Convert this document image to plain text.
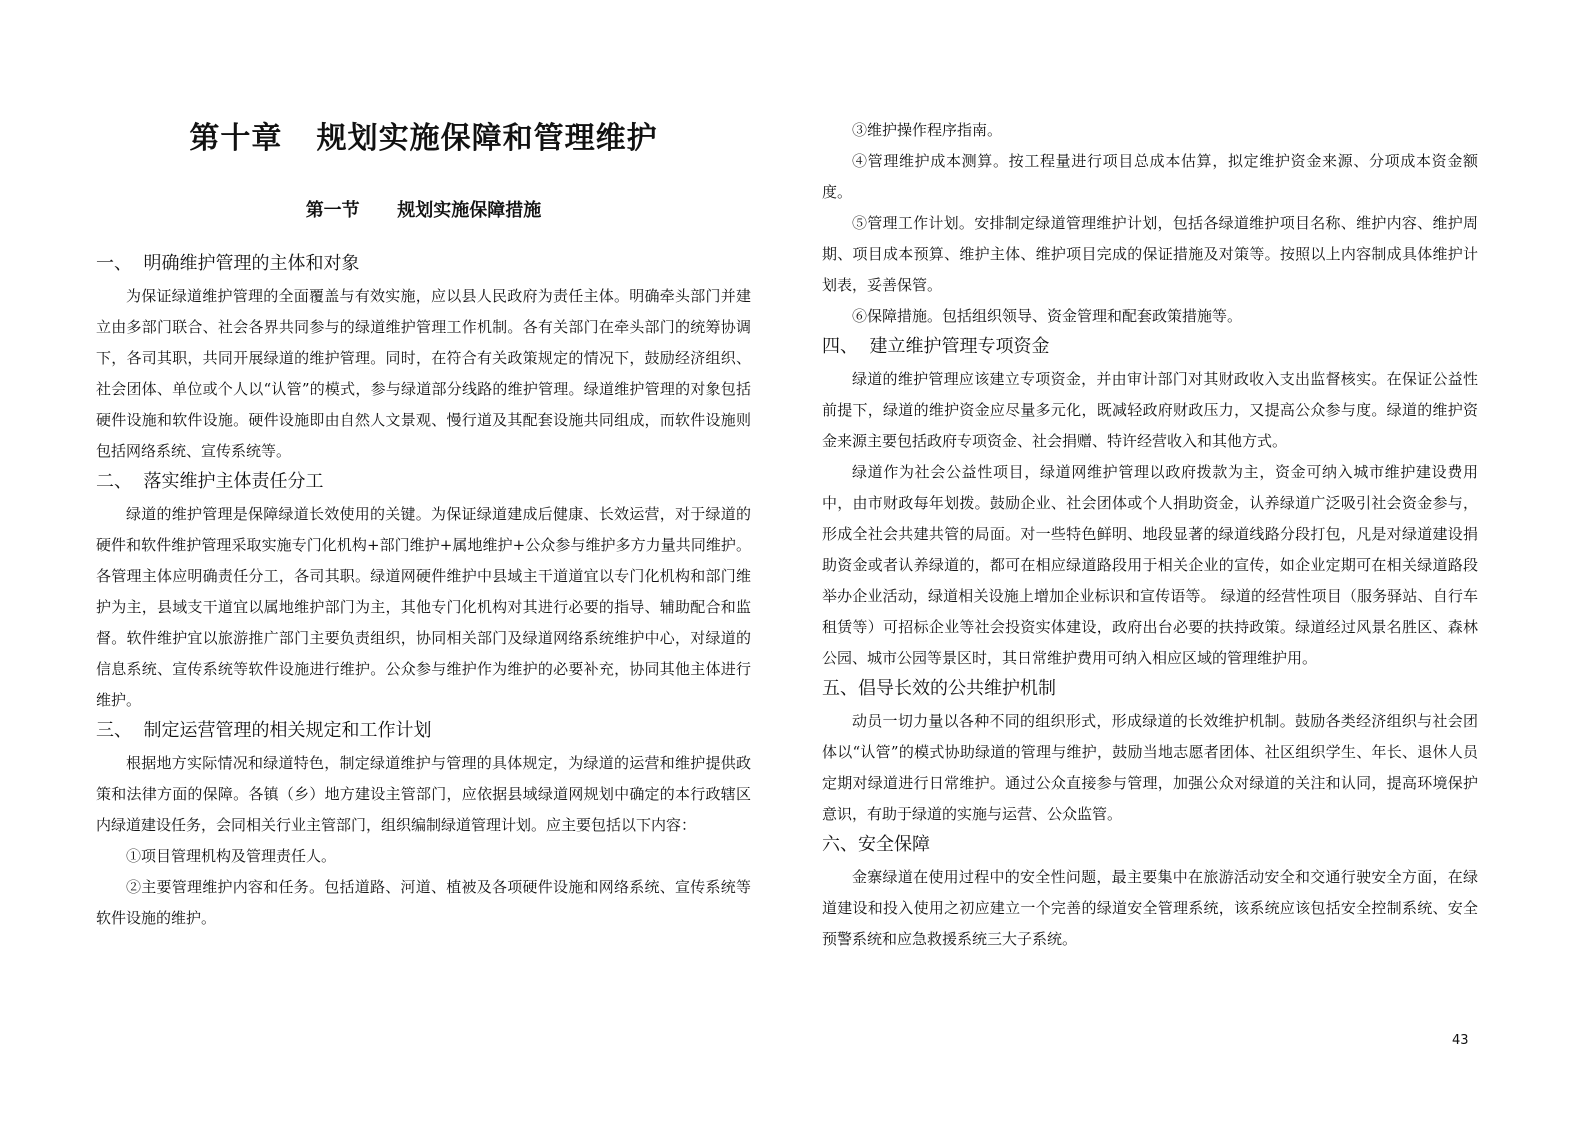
第十章   规划实施保障和管理维护
第一节      规划实施保障措施
一、  明确维护管理的主体和对象

为保证绿道维护管理的全面覆盖与有效实施，应以县人民政府为责任主体。明确牵头部门并建立由多部门联合、社会各界共同参与的绿道维护管理工作机制。各有关部门在牵头部门的统筹协调下，各司其职，共同开展绿道的维护管理。同时，在符合有关政策规定的情况下，鼓励经济组织、社会团体、单位或个人以“认管”的模式，参与绿道部分线路的维护管理。绿道维护管理的对象包括硬件设施和软件设施。硬件设施即由自然人文景观、慢行道及其配套设施共同组成，而软件设施则包括网络系统、宣传系统等。

二、  落实维护主体责任分工

绿道的维护管理是保障绿道长效使用的关键。为保证绿道建成后健康、长效运营，对于绿道的硬件和软件维护管理采取实施专门化机构+部门维护+属地维护+公众参与维护多方力量共同维护。各管理主体应明确责任分工，各司其职。绿道网硬件维护中县域主干道道宜以专门化机构和部门维护为主，县域支干道宜以属地维护部门为主，其他专门化机构对其进行必要的指导、辅助配合和监督。软件维护宜以旅游推广部门主要负责组织，协同相关部门及绿道网络系统维护中心，对绿道的信息系统、宣传系统等软件设施进行维护。公众参与维护作为维护的必要补充，协同其他主体进行维护。

三、  制定运营管理的相关规定和工作计划

根据地方实际情况和绿道特色，制定绿道维护与管理的具体规定，为绿道的运营和维护提供政策和法律方面的保障。各镇（乡）地方建设主管部门，应依据县域绿道网规划中确定的本行政辖区内绿道建设任务，会同相关行业主管部门，组织编制绿道管理计划。应主要包括以下内容：

①项目管理机构及管理责任人。

②主要管理维护内容和任务。包括道路、河道、植被及各项硬件设施和网络系统、宣传系统等软件设施的维护。

③维护操作程序指南。

④管理维护成本测算。按工程量进行项目总成本估算，拟定维护资金来源、分项成本资金额度。

⑤管理工作计划。安排制定绿道管理维护计划，包括各绿道维护项目名称、维护内容、维护周期、项目成本预算、维护主体、维护项目完成的保证措施及对策等。按照以上内容制成具体维护计划表，妥善保管。

⑥保障措施。包括组织领导、资金管理和配套政策措施等。

四、  建立维护管理专项资金

绿道的维护管理应该建立专项资金，并由审计部门对其财政收入支出监督核实。在保证公益性前提下，绿道的维护资金应尽量多元化，既减轻政府财政压力，又提高公众参与度。绿道的维护资金来源主要包括政府专项资金、社会捐赠、特许经营收入和其他方式。

绿道作为社会公益性项目，绿道网维护管理以政府拨款为主，资金可纳入城市维护建设费用中，由市财政每年划拨。鼓励企业、社会团体或个人捐助资金，认养绿道广泛吸引社会资金参与，形成全社会共建共管的局面。对一些特色鲜明、地段显著的绿道线路分段打包，凡是对绿道建设捐助资金或者认养绿道的，都可在相应绿道路段用于相关企业的宣传，如企业定期可在相关绿道路段举办企业活动，绿道相关设施上增加企业标识和宣传语等。 绿道的经营性项目（服务驿站、自行车租赁等）可招标企业等社会投资实体建设，政府出台必要的扶持政策。绿道经过风景名胜区、森林公园、城市公园等景区时，其日常维护费用可纳入相应区域的管理维护用。

五、倡导长效的公共维护机制

动员一切力量以各种不同的组织形式，形成绿道的长效维护机制。鼓励各类经济组织与社会团体以“认管”的模式协助绿道的管理与维护，鼓励当地志愿者团体、社区组织学生、年长、退休人员定期对绿道进行日常维护。通过公众直接参与管理，加强公众对绿道的关注和认同，提高环境保护意识，有助于绿道的实施与运营、公众监管。

六、安全保障

金寨绿道在使用过程中的安全性问题，最主要集中在旅游活动安全和交通行驶安全方面，在绿道建设和投入使用之初应建立一个完善的绿道安全管理系统，该系统应该包括安全控制系统、安全预警系统和应急救援系统三大子系统。

43
